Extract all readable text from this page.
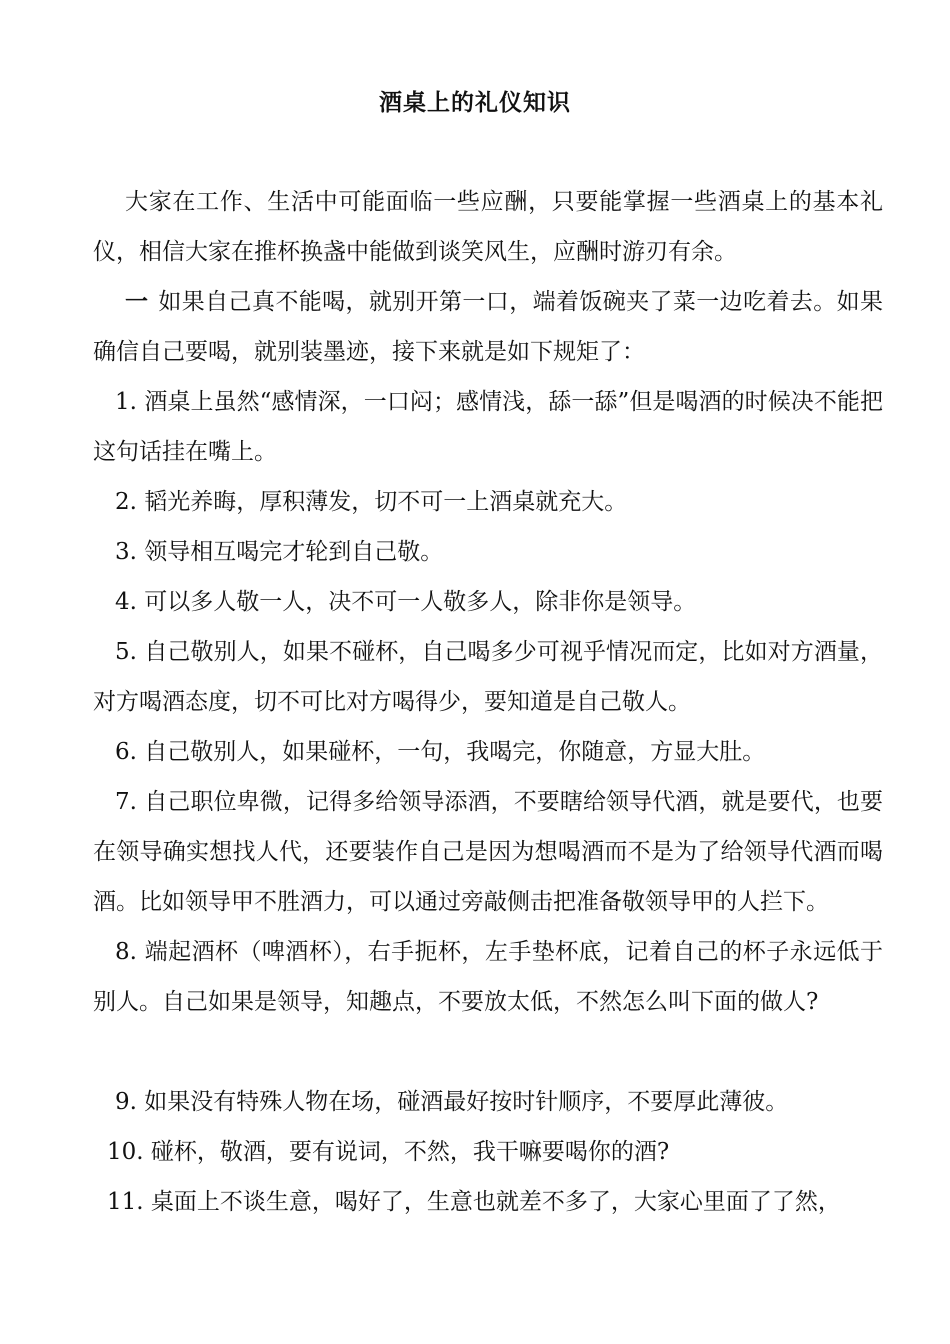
酒桌上的礼仪知识

大家在工作、生活中可能面临一些应酬，只要能掌握一些酒桌上的基本礼仪，相信大家在推杯换盏中能做到谈笑风生，应酬时游刃有余。

一 如果自己真不能喝，就别开第一口，端着饭碗夹了菜一边吃着去。如果确信自己要喝，就别装墨迹，接下来就是如下规矩了：

1. 酒桌上虽然“感情深，一口闷；感情浅，舔一舔”但是喝酒的时候决不能把这句话挂在嘴上。

2. 韬光养晦，厚积薄发，切不可一上酒桌就充大。

3. 领导相互喝完才轮到自己敬。

4. 可以多人敬一人，决不可一人敬多人，除非你是领导。

5. 自己敬别人，如果不碰杯，自己喝多少可视乎情况而定，比如对方酒量，对方喝酒态度，切不可比对方喝得少，要知道是自己敬人。

6. 自己敬别人，如果碰杯，一句，我喝完，你随意，方显大肚。

7. 自己职位卑微，记得多给领导添酒，不要瞎给领导代酒，就是要代，也要在领导确实想找人代，还要装作自己是因为想喝酒而不是为了给领导代酒而喝酒。比如领导甲不胜酒力，可以通过旁敲侧击把准备敬领导甲的人拦下。

8. 端起酒杯（啤酒杯），右手扼杯，左手垫杯底，记着自己的杯子永远低于别人。自己如果是领导，知趣点，不要放太低，不然怎么叫下面的做人?

9. 如果没有特殊人物在场，碰酒最好按时针顺序，不要厚此薄彼。

10. 碰杯，敬酒，要有说词，不然，我干嘛要喝你的酒?

11. 桌面上不谈生意，喝好了，生意也就差不多了，大家心里面了了然，
